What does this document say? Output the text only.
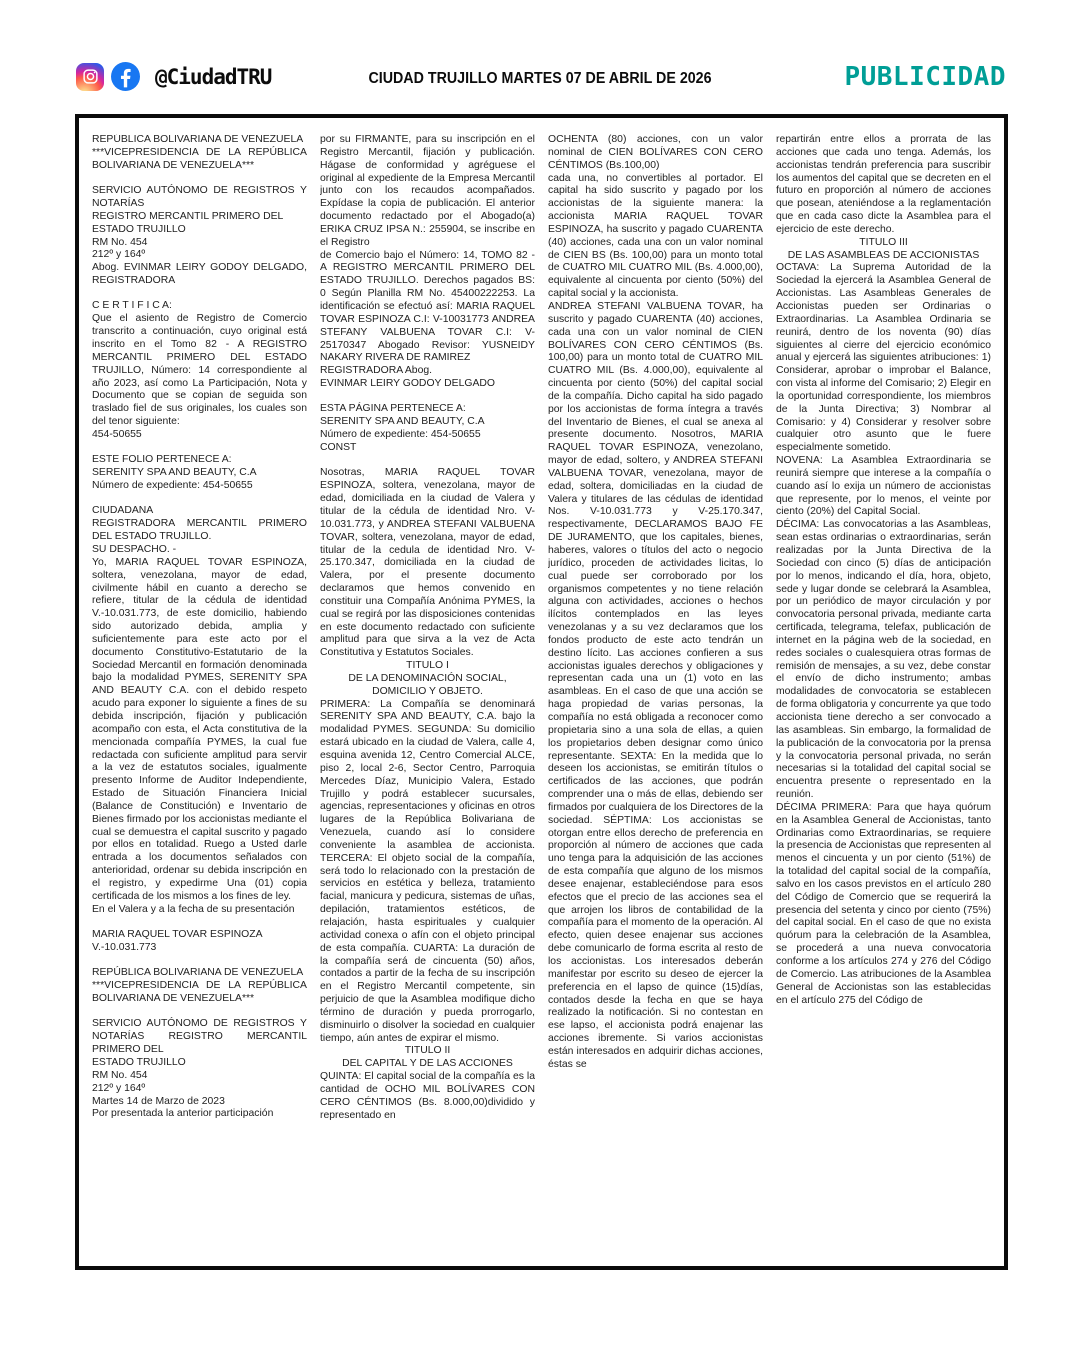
@CiudadTRU	CIUDAD TRUJILLO MARTES 07 DE ABRIL DE 2026	PUBLICIDAD

REPÚBLICA BOLIVARIANA DE VENEZUELA

***VICEPRESIDENCIA DE LA REPÚBLICA BOLIVARIANA DE VENEZUELA***

SERVICIO AUTÓNOMO DE REGISTROS Y NOTARÍAS

REGISTRO MERCANTIL PRIMERO DEL

ESTADO TRUJILLO

RM No. 454

212º y 164º

Abog. EVINMAR LEIRY GODOY DELGADO, REGISTRADORA

C E R T I F I C A:

Que el asiento de Registro de Comercio transcrito a continuación, cuyo original está inscrito en el Tomo 82 - A REGISTRO MERCANTIL PRIMERO DEL ESTADO TRUJILLO, Número: 14 correspondiente al año 2023, así como La Participación, Nota y Documento que se copian de seguida son traslado fiel de sus originales, los cuales son del tenor siguiente:

454-50655

ESTE FOLIO PERTENECE A:

SERENITY SPA AND BEAUTY, C.A

Número de expediente: 454-50655

CIUDADANA

REGISTRADORA MERCANTIL PRIMERO DEL ESTADO TRUJILLO.

SU DESPACHO. -

Yo, MARIA RAQUEL TOVAR ESPINOZA, soltera, venezolana, mayor de edad, civilmente hábil en cuanto a derecho se refiere, titular de la cédula de identidad V.-10.031.773, de este domicilio, habiendo sido autorizado debida, amplia y suficientemente para este acto por el documento Constitutivo-Estatutario de la Sociedad Mercantil en formación denominada bajo la modalidad PYMES, SERENITY SPA AND BEAUTY C.A. con el debido respeto acudo para exponer lo siguiente a fines de su debida inscripción, fijación y publicación acompaño con esta, el Acta constitutiva de la mencionada compañía PYMES, la cual fue redactada con suficiente amplitud para servir a la vez de estatutos sociales, igualmente presento Informe de Auditor Independiente, Estado de Situación Financiera Inicial (Balance de Constitución) e Inventario de Bienes firmado por los accionistas mediante el cual se demuestra el capital suscrito y pagado por ellos en totalidad. Ruego a Usted darle entrada a los documentos señalados con anterioridad, ordenar su debida inscripción en el registro, y expedirme Una (01) copia certificada de los mismos a los fines de ley.

En el Valera y a la fecha de su presentación

MARIA RAQUEL TOVAR ESPINOZA

V.-10.031.773

REPÚBLICA BOLIVARIANA DE VENEZUELA

***VICEPRESIDENCIA DE LA REPÚBLICA BOLIVARIANA DE VENEZUELA***

SERVICIO AUTÓNOMO DE REGISTROS Y NOTARÍAS REGISTRO MERCANTIL PRIMERO DEL

ESTADO TRUJILLO

RM No. 454

212º y 164º

Martes 14 de Marzo de 2023

Por presentada la anterior participación

por su FIRMANTE, para su inscripción en el Registro Mercantil, fijación y publicación. Hágase de conformidad y agréguese el original al expediente de la Empresa Mercantil junto con los recaudos acompañados. Expídase la copia de publicación. El anterior documento redactado por el Abogado(a) ERIKA CRUZ IPSA N.: 255904, se inscribe en el Registro

de Comercio bajo el Número: 14, TOMO 82 - A REGISTRO MERCANTIL PRIMERO DEL ESTADO TRUJILLO. Derechos pagados BS: 0 Según Planilla RM No. 45400222253. La identificación se efectuó así: MARIA RAQUEL TOVAR ESPINOZA C.I: V-10031773 ANDREA STEFANY VALBUENA TOVAR C.I: V-25170347 Abogado Revisor: YUSNEIDY NAKARY RIVERA DE RAMIREZ

REGISTRADORA Abog.

EVINMAR LEIRY GODOY DELGADO

ESTA PÁGINA PERTENECE A:

SERENITY SPA AND BEAUTY, C.A

Número de expediente: 454-50655

CONST

Nosotras, MARIA RAQUEL TOVAR ESPINOZA, soltera, venezolana, mayor de edad, domiciliada en la ciudad de Valera y titular de la cédula de identidad Nro. V-10.031.773, y ANDREA STEFANI VALBUENA TOVAR, soltera, venezolana, mayor de edad, titular de la cedula de identidad Nro. V-25.170.347, domiciliada en la ciudad de Valera, por el presente documento declaramos que hemos convenido en constituir una Compañía Anónima PYMES, la cual se regirá por las disposiciones contenidas en este documento redactado con suficiente amplitud para que sirva a la vez de Acta Constitutiva y Estatutos Sociales.

TITULO I

DE LA DENOMINACIÓN SOCIAL, DOMICILIO Y OBJETO.

PRIMERA: La Compañía se denominará SERENITY SPA AND BEAUTY, C.A. bajo la modalidad PYMES. SEGUNDA: Su domicilio estará ubicado en la ciudad de Valera, calle 4, esquina avenida 12, Centro Comercial ALCE, piso 2, local 2-6, Sector Centro, Parroquia Mercedes Díaz, Municipio Valera, Estado Trujillo y podrá establecer sucursales, agencias, representaciones y oficinas en otros lugares de la República Bolivariana de Venezuela, cuando así lo considere conveniente la asamblea de accionista. TERCERA: El objeto social de la compañía, será todo lo relacionado con la prestación de servicios en estética y belleza, tratamiento facial, manicura y pedicura, sistemas de uñas, depilación, tratamientos estéticos, de relajación, hasta espirituales y cualquier actividad conexa o afín con el objeto principal de esta compañía. CUARTA: La duración de la compañía será de cincuenta (50) años, contados a partir de la fecha de su inscripción en el Registro Mercantil competente, sin perjuicio de que la Asamblea modifique dicho término de duración y pueda prorrogarlo, disminuirlo o disolver la sociedad en cualquier tiempo, aún antes de expirar el mismo.

TITULO II

DEL CAPITAL Y DE LAS ACCIONES

QUINTA: El capital social de la compañía es la cantidad de OCHO MIL BOLÍVARES CON CERO CÉNTIMOS (Bs. 8.000,00)dividido y representado en

OCHENTA (80) acciones, con un valor nominal de CIEN BOLÍVARES CON CERO CÉNTIMOS (Bs.100,00)

cada una, no convertibles al portador. El capital ha sido suscrito y pagado por los accionistas de la siguiente manera: la accionista MARIA RAQUEL TOVAR ESPINOZA, ha suscrito y pagado CUARENTA (40) acciones, cada una con un valor nominal de CIEN BS (Bs. 100,00) para un monto total de CUATRO MIL CUATRO MIL (Bs. 4.000,00), equivalente al cincuenta por ciento (50%) del capital social y la accionista.

ANDREA STEFANI VALBUENA TOVAR, ha suscrito y pagado CUARENTA (40) acciones, cada una con un valor nominal de CIEN BOLÍVARES CON CERO CÉNTIMOS (Bs. 100,00) para un monto total de CUATRO MIL CUATRO MIL (Bs. 4.000,00), equivalente al cincuenta por ciento (50%) del capital social de la compañía. Dicho capital ha sido pagado por los accionistas de forma íntegra a través del Inventario de Bienes, el cual se anexa al presente documento. Nosotros, MARIA RAQUEL TOVAR ESPINOZA, venezolano, mayor de edad, soltero, y ANDREA STEFANI VALBUENA TOVAR, venezolana, mayor de edad, soltera, domiciliadas en la ciudad de Valera y titulares de las cédulas de identidad Nos. V-10.031.773 y V-25.170.347, respectivamente, DECLARAMOS BAJO FE DE JURAMENTO, que los capitales, bienes, haberes, valores o títulos del acto o negocio jurídico, proceden de actividades licitas, lo cual puede ser corroborado por los organismos competentes y no tiene relación alguna con actividades, acciones o hechos ilícitos contemplados en las leyes venezolanas y a su vez declaramos que los fondos producto de este acto tendrán un destino lícito. Las acciones confieren a sus accionistas iguales derechos y obligaciones y representan cada una un (1) voto en las asambleas. En el caso de que una acción se haga propiedad de varias personas, la compañía no está obligada a reconocer como propietaria sino a una sola de ellas, a quien los propietarios deben designar como único representante. SEXTA: En la medida que lo deseen los accionistas, se emitirán títulos o certificados de las acciones, que podrán comprender una o más de ellas, debiendo ser firmados por cualquiera de los Directores de la sociedad. SÉPTIMA: Los accionistas se otorgan entre ellos derecho de preferencia en proporción al número de acciones que cada uno tenga para la adquisición de las acciones de esta compañía que alguno de los mismos desee enajenar, estableciéndose para esos efectos que el precio de las acciones sea el que arrojen los libros de contabilidad de la compañía para el momento de la operación. Al efecto, quien desee enajenar sus acciones debe comunicarlo de forma escrita al resto de los accionistas. Los interesados deberán manifestar por escrito su deseo de ejercer la preferencia en el lapso de quince (15)días, contados desde la fecha en que se haya realizado la notificación. Si no contestan en ese lapso, el accionista podrá enajenar las acciones ibremente. Si varios accionistas están interesados en adquirir dichas acciones, éstas se

repartirán entre ellos a prorrata de las acciones que cada uno tenga. Además, los accionistas tendrán preferencia para suscribir los aumentos del capital que se decreten en el futuro en proporción al número de acciones que posean, ateniéndose a la reglamentación que en cada caso dicte la Asamblea para el ejercicio de este derecho.

TITULO III

DE LAS ASAMBLEAS DE ACCIONISTAS

OCTAVA: La Suprema Autoridad de la Sociedad la ejercerá la Asamblea General de Accionistas. Las Asambleas Generales de Accionistas pueden ser Ordinarias o Extraordinarias. La Asamblea Ordinaria se reunirá, dentro de los noventa (90) días siguientes al cierre del ejercicio económico anual y ejercerá las siguientes atribuciones: 1) Considerar, aprobar o improbar el Balance, con vista al informe del Comisario; 2) Elegir en la oportunidad correspondiente, los miembros de la Junta Directiva; 3) Nombrar al Comisario: y 4) Considerar y resolver sobre cualquier otro asunto que le fuere especialmente sometido.

NOVENA: La Asamblea Extraordinaria se reunirá siempre que interese a la compañía o cuando así lo exija un número de accionistas que represente, por lo menos, el veinte por ciento (20%) del Capital Social.

DÉCIMA: Las convocatorias a las Asambleas, sean estas ordinarias o extraordinarias, serán realizadas por la Junta Directiva de la Sociedad con cinco (5) días de anticipación por lo menos, indicando el día, hora, objeto, sede y lugar donde se celebrará la Asamblea, por un periódico de mayor circulación y por convocatoria personal privada, mediante carta certificada, telegrama, telefax, publicación de internet en la página web de la sociedad, en redes sociales o cualesquiera otras formas de remisión de mensajes, a su vez, debe constar el envío de dicho instrumento; ambas modalidades de convocatoria se establecen de forma obligatoria y concurrente ya que todo accionista tiene derecho a ser convocado a las asambleas. Sin embargo, la formalidad de la publicación de la convocatoria por la prensa y la convocatoria personal privada, no serán necesarias si la totalidad del capital social se encuentra presente o representado en la reunión.

DÉCIMA PRIMERA: Para que haya quórum en la Asamblea General de Accionistas, tanto Ordinarias como Extraordinarias, se requiere la presencia de Accionistas que representen al menos el cincuenta y un por ciento (51%) de la totalidad del capital social de la compañía, salvo en los casos previstos en el artículo 280 del Código de Comercio que se requerirá la presencia del setenta y cinco por ciento (75%) del capital social. En el caso de que no exista quórum para la celebración de la Asamblea, se procederá a una nueva convocatoria conforme a los artículos 274 y 276 del Código de Comercio. Las atribuciones de la Asamblea General de Accionistas son las establecidas en el artículo 275 del Código de
